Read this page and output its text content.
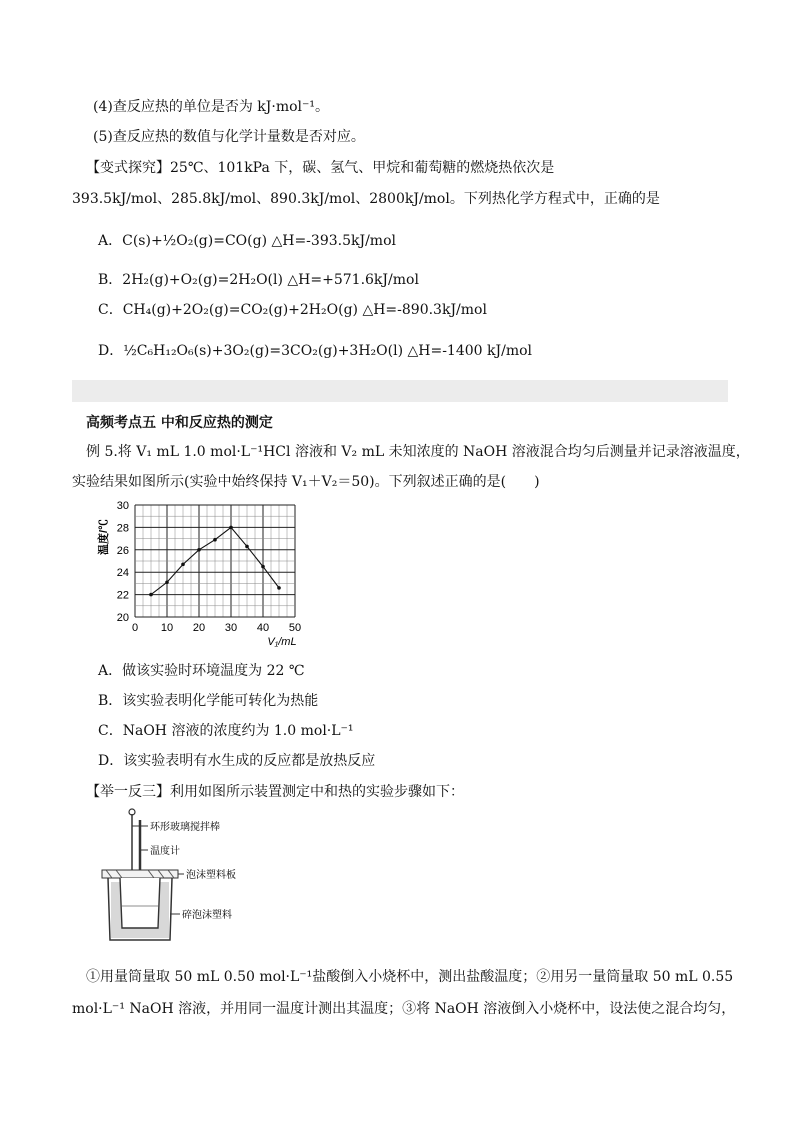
(4)查反应热的单位是否为 kJ·mol⁻¹。
(5)查反应热的数值与化学计量数是否对应。
【变式探究】25℃、101kPa 下，碳、氢气、甲烷和葡萄糖的燃烧热依次是
393.5kJ/mol、285.8kJ/mol、890.3kJ/mol、2800kJ/mol。下列热化学方程式中，正确的是
A．C(s)+½O₂(g)=CO(g) △H=-393.5kJ/mol
B．2H₂(g)+O₂(g)=2H₂O(l) △H=+571.6kJ/mol
C．CH₄(g)+2O₂(g)=CO₂(g)+2H₂O(g) △H=-890.3kJ/mol
D．½C₆H₁₂O₆(s)+3O₂(g)=3CO₂(g)+3H₂O(l) △H=-1400 kJ/mol
高频考点五 中和反应热的测定
例 5.将 V₁ mL 1.0 mol·L⁻¹HCl 溶液和 V₂ mL 未知浓度的 NaOH 溶液混合均匀后测量并记录溶液温度，
实验结果如图所示(实验中始终保持 V₁＋V₂＝50)。下列叙述正确的是(　　)
0 10 20 30 40 50
20
22
24
26
28
30
温度/℃
V₁/mL
A．做该实验时环境温度为 22 ℃
B．该实验表明化学能可转化为热能
C．NaOH 溶液的浓度约为 1.0 mol·L⁻¹
D．该实验表明有水生成的反应都是放热反应
【举一反三】利用如图所示装置测定中和热的实验步骤如下：
环形玻璃搅拌棒
温度计
泡沫塑料板
碎泡沫塑料
①用量筒量取 50 mL 0.50 mol·L⁻¹盐酸倒入小烧杯中，测出盐酸温度；②用另一量筒量取 50 mL 0.55
mol·L⁻¹ NaOH 溶液，并用同一温度计测出其温度；③将 NaOH 溶液倒入小烧杯中，设法使之混合均匀，
